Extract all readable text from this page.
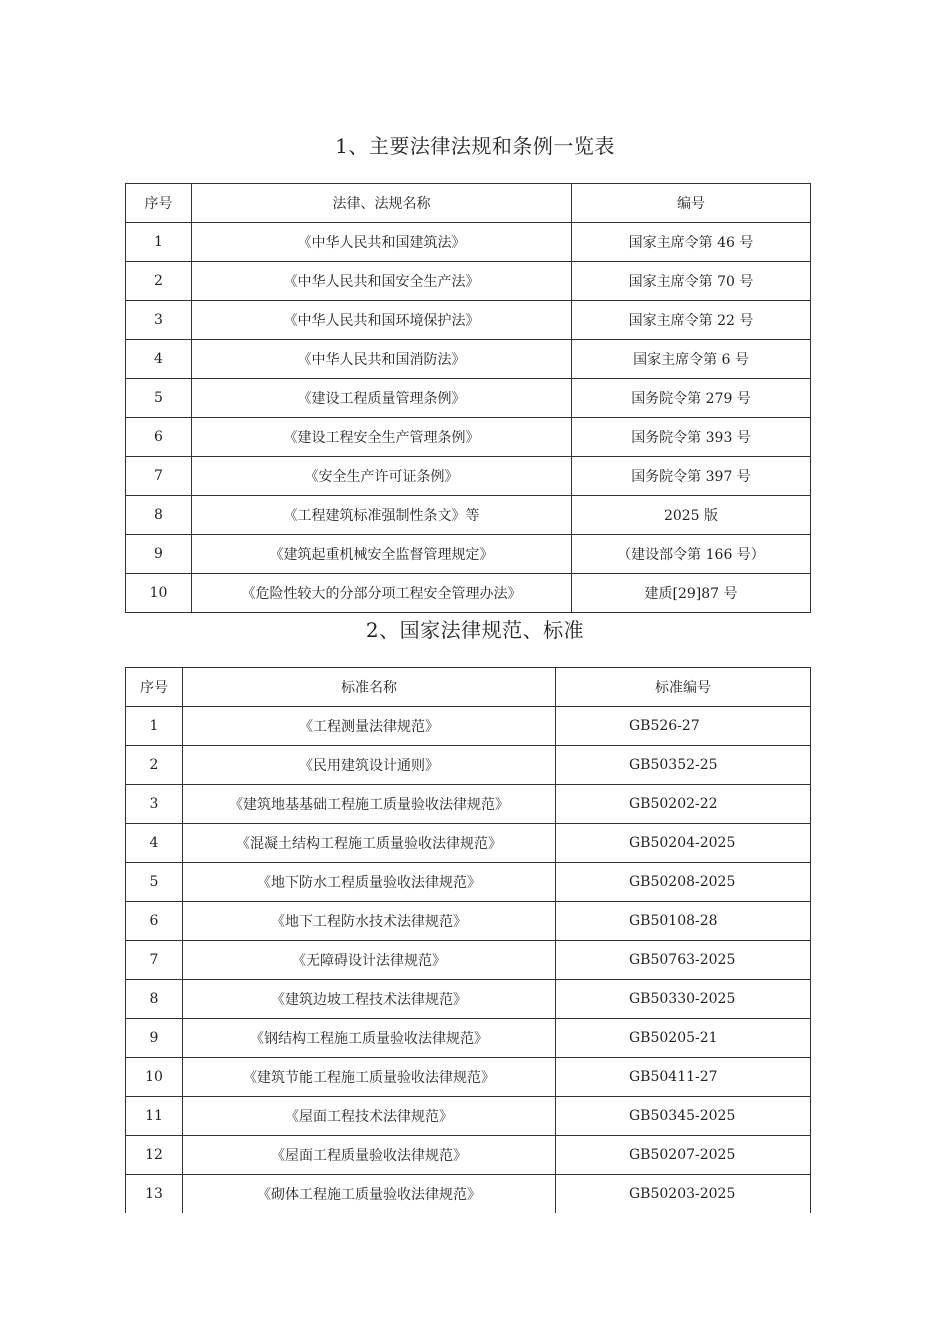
1、主要法律法规和条例一览表
序号	法律、法规名称	编号
1	《中华人民共和国建筑法》	国家主席令第 46 号
2	《中华人民共和国安全生产法》	国家主席令第 70 号
3	《中华人民共和国环境保护法》	国家主席令第 22 号
4	《中华人民共和国消防法》	国家主席令第 6 号
5	《建设工程质量管理条例》	国务院令第 279 号
6	《建设工程安全生产管理条例》	国务院令第 393 号
7	《安全生产许可证条例》	国务院令第 397 号
8	《工程建筑标准强制性条文》等	2025 版
9	《建筑起重机械安全监督管理规定》	（建设部令第 166 号）
10	《危险性较大的分部分项工程安全管理办法》	建质[29]87 号
2、国家法律规范、标准
序号	标准名称	标准编号
1	《工程测量法律规范》	GB526-27
2	《民用建筑设计通则》	GB50352-25
3	《建筑地基基础工程施工质量验收法律规范》	GB50202-22
4	《混凝土结构工程施工质量验收法律规范》	GB50204-2025
5	《地下防水工程质量验收法律规范》	GB50208-2025
6	《地下工程防水技术法律规范》	GB50108-28
7	《无障碍设计法律规范》	GB50763-2025
8	《建筑边坡工程技术法律规范》	GB50330-2025
9	《钢结构工程施工质量验收法律规范》	GB50205-21
10	《建筑节能工程施工质量验收法律规范》	GB50411-27
11	《屋面工程技术法律规范》	GB50345-2025
12	《屋面工程质量验收法律规范》	GB50207-2025
13	《砌体工程施工质量验收法律规范》	GB50203-2025
